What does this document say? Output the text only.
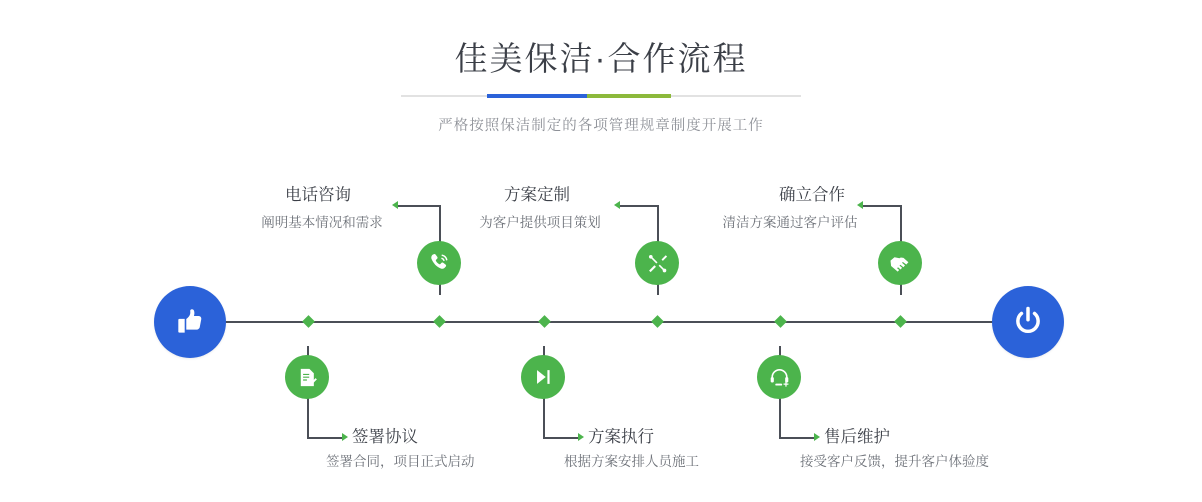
佳美保洁·合作流程
严格按照保洁制定的各项管理规章制度开展工作
电话咨询
阐明基本情况和需求
签署协议
签署合同，项目正式启动
方案定制
为客户提供项目策划
方案执行
根据方案安排人员施工
确立合作
清洁方案通过客户评估
售后维护
接受客户反馈，提升客户体验度
